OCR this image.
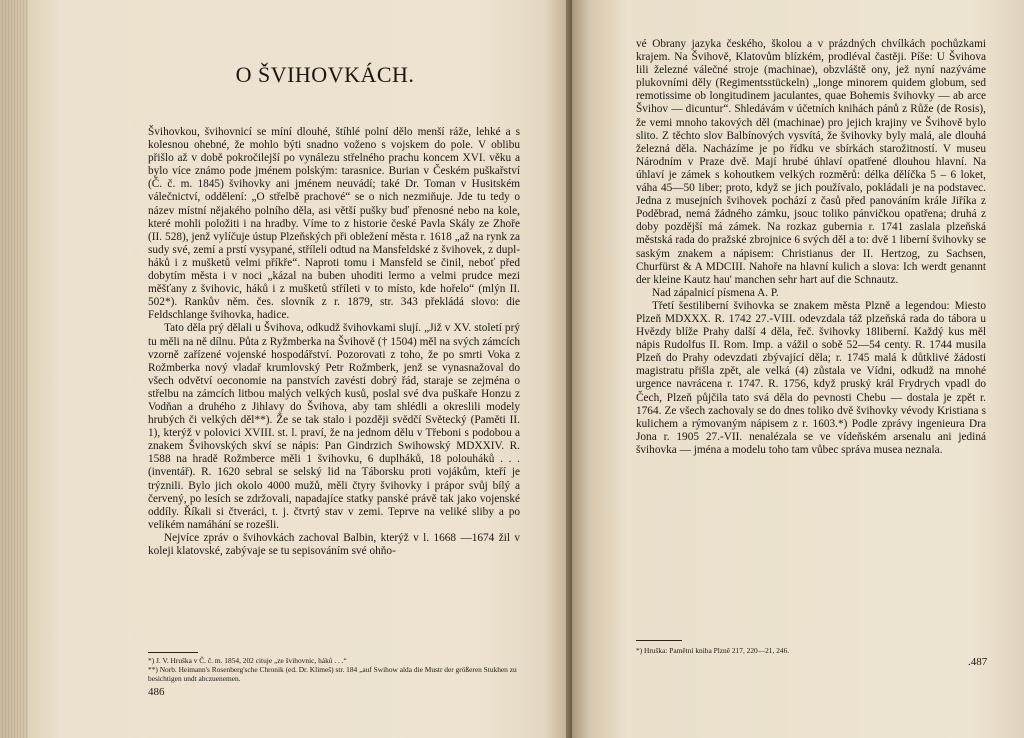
O ŠVIHOVKÁCH.

Švihovkou, švihovnicí se míní dlouhé, štíhlé polní dělo menší ráže, lehké a s kolesnou ohebné, že mohlo býti snadno voženo s vojskem do pole. V oblibu přišlo až v době pokročilejší po vynálezu střelného prachu koncem XVI. věku a bylo více známo pode jménem polským: tarasnice. Burian v Českém puškařství (Č. č. m. 1845) švihovky ani jménem neuvádí; také Dr. Toman v Husitském válečnictví, oddělení: „O střelbě prachové“ se o nich nezmiňuje. Jde tu tedy o název místní nějakého polního děla, asi větší pušky buď přenosné nebo na kole, které mohli položiti i na hradby. Víme to z historie české Pavla Skály ze Zhoře (II. 528), jenž vylíčuje ústup Plzeňských při obležení města r. 1618 „až na rynk za sudy své, zemí a prstí vysypané, stříleli odtud na Mansfeldské z švihovek, z duplháků i z mušketů velmi příkře“. Naproti tomu i Mansfeld se činil, neboť před dobytím města i v noci „kázal na buben uhoditi lermo a velmi prudce mezi měšťany z švihovic, háků i z mušketů stříleti v to místo, kde hořelo“ (mlýn II. 502*). Rankův něm. čes. slovník z r. 1879, str. 343 překládá slovo: die Feldschlange švihovka, hadice.

Tato děla prý dělali u Švihova, odkudž švihovkami slují. „Již v XV. století prý tu měli na ně dílnu. Půta z Ryžmberka na Švihově († 1504) měl na svých zámcích vzorně zařízené vojenské hospodářství. Pozorovati z toho, že po smrti Voka z Rožmberka nový vladař krumlovský Petr Rožmberk, jenž se vynasnažoval do všech odvětví oeconomie na panstvích zavésti dobrý řád, staraje se zejména o střelbu na zámcích litbou malých velkých kusů, poslal své dva puškaře Honzu z Vodňan a druhého z Jihlavy do Švihova, aby tam shlédli a okreslili modely hrubých či velkých děl**). Že se tak stalo i později svědčí Světecký (Paměti II. 1), kterýž v polovici XVIII. st. l. praví, že na jednom dělu v Třeboni s podobou a znakem Švihovských skví se nápis: Pan Gindrzich Swihowský MDXXIV. R. 1588 na hradě Rožmberce měli 1 švihovku, 6 duplháků, 18 polouháků . . . (inventář). R. 1620 sebral se selský lid na Táborsku proti vojákům, kteří je trýznili. Bylo jich okolo 4000 mužů, měli čtyry švihovky i prápor svůj bílý a červený, po lesích se zdržovali, napadajíce statky panské právě tak jako vojenské oddíly. Říkali si čtveráci, t. j. čtvrtý stav v zemi. Teprve na veliké sliby a po velikém namáhání se rozešli.

Nejvíce zpráv o švihovkách zachoval Balbin, kterýž v l. 1668 —1674 žil v koleji klatovské, zabývaje se tu sepisováním své ohňo-

*) J. V. Hruška v Č. č. m. 1854, 202 cituje „ze švihovnic, háků . . .“
**) Norb. Heimann's Rosenberg'sche Chronik (ed. Dr. Klimeš) str. 184 „auf Swihow alda die Mustr der größeren Stukhen zu besichtigen undt abczuenemen.
486

vé Obrany jazyka českého, školou a v prázdných chvílkách pochůzkami krajem. Na Švihově, Klatovům blízkém, prodléval častěji. Píše: U Švihova lili železné válečné stroje (machinae), obzvláště ony, jež nyní nazýváme plukovními děly (Regimentsstückeln) „longe minorem quidem globum, sed remotissime ob longitudinem jaculantes, quae Bohemis švihovky — ab arce Švihov — dicuntur“. Shledávám v účetních knihách pánů z Růže (de Rosis), že vemi mnoho takových děl (machinae) pro jejich krajiny ve Švihově bylo slito. Z těchto slov Balbínových vysvítá, že švihovky byly malá, ale dlouhá železná děla. Nacházíme je po řídku ve sbírkách starožitností. V museu Národním v Praze dvě. Mají hrubé úhlaví opatřené dlouhou hlavní. Na úhlaví je zámek s kohoutkem velkých rozměrů: délka dělíčka 5 – 6 loket, váha 45—50 liber; proto, když se jich používalo, pokládali je na podstavec. Jedna z musejních švihovek pochází z časů před panováním krále Jiříka z Poděbrad, nemá žádného zámku, jsouc toliko pánvičkou opatřena; druhá z doby pozdější má zámek. Na rozkaz gubernia r. 1741 zaslala plzeňská městská rada do pražské zbrojnice 6 svých děl a to: dvě 1 liberní švihovky se saským znakem a nápisem: Christianus der II. Hertzog, zu Sachsen, Churfürst & A MDCIII. Nahoře na hlavní kulich a slova: Ich werdt genannt der kleine Kautz hau' manchen sehr hart auf die Schnautz.

Nad zápalnicí písmena A. P.

Třetí šestiliberní švihovka se znakem města Plzně a legendou: Miesto Plzeň MDXXX. R. 1742 27.-VIII. odevzdala táž plzeňská rada do tábora u Hvězdy blíže Prahy další 4 děla, řeč. švihovky 18liberní. Každý kus měl nápis Rudolfus II. Rom. Imp. a vážil o sobě 52—54 centy. R. 1744 musila Plzeň do Prahy odevzdati zbývající děla; r. 1745 malá k důtklivé žádosti magistratu přišla zpět, ale velká (4) zůstala ve Vídni, odkudž na mnohé urgence navrácena r. 1747. R. 1756, když pruský král Frydrych vpadl do Čech, Plzeň půjčila tato svá děla do pevnosti Chebu — dostala je zpět r. 1764. Ze všech zachovaly se do dnes toliko dvě švihovky vévody Kristiana s kulichem a rýmovaným nápisem z r. 1603.*) Podle zprávy ingenieura Dra Jona r. 1905 27.-VII. nenalézala se ve vídeňském arsenalu ani jediná švihovka — jména a modelu toho tam vůbec správa musea neznala.

*) Hruška: Pamětní kniha Plzně 217, 220—21, 246.
.487
